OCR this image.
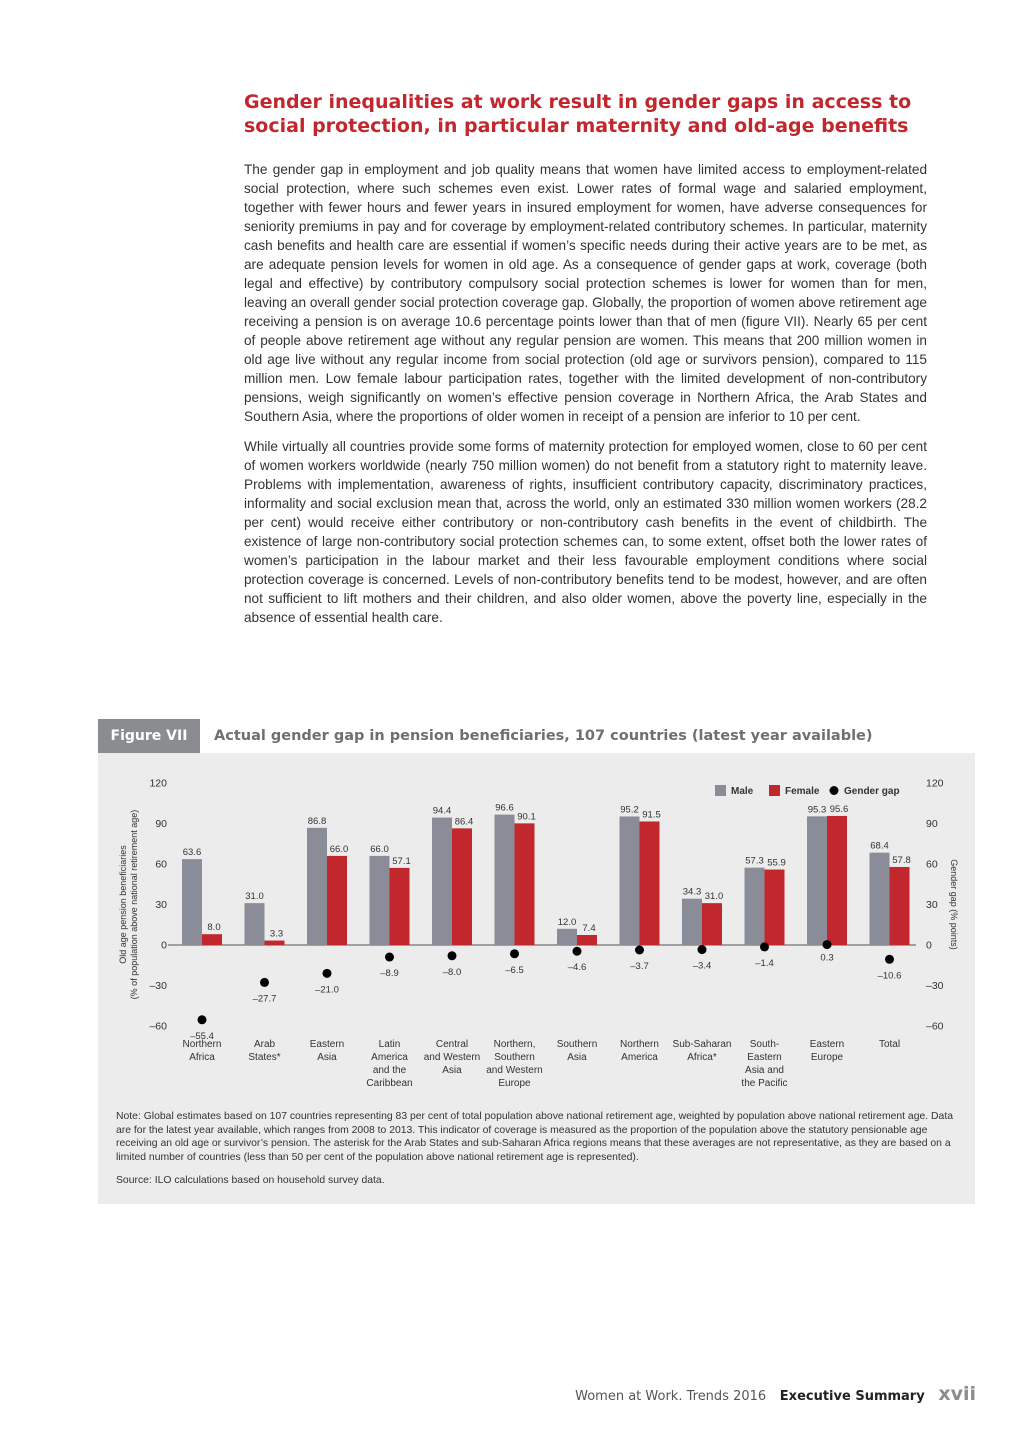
Gender inequalities at work result in gender gaps in access to social protection, in particular maternity and old-age benefits

The gender gap in employment and job quality means that women have limited access to employment-related social protection, where such schemes even exist. Lower rates of formal wage and salaried employment, together with fewer hours and fewer years in insured employment for women, have adverse consequences for seniority premiums in pay and for coverage by employment-related contributory schemes. In particular, maternity cash benefits and health care are essential if women’s specific needs during their active years are to be met, as are adequate pension levels for women in old age. As a consequence of gender gaps at work, coverage (both legal and effective) by contributory compulsory social protection schemes is lower for women than for men, leaving an overall gender social protection coverage gap. Globally, the proportion of women above retirement age receiving a pension is on average 10.6 percentage points lower than that of men (figure VII). Nearly 65 per cent of people above retirement age without any regular pension are women. This means that 200 million women in old age live without any regular income from social protection (old age or survivors pension), compared to 115 million men. Low female labour participation rates, together with the limited development of non-contributory pensions, weigh significantly on women’s effective pension coverage in Northern Africa, the Arab States and Southern Asia, where the proportions of older women in receipt of a pension are inferior to 10 per cent.

While virtually all countries provide some forms of maternity protection for employed women, close to 60 per cent of women workers worldwide (nearly 750 million women) do not benefit from a statutory right to maternity leave. Problems with implementation, awareness of rights, insufficient contributory capacity, discriminatory practices, informality and social exclusion mean that, across the world, only an estimated 330 million women workers (28.2 per cent) would receive either contributory or non-contributory cash benefits in the event of childbirth. The existence of large non-contributory social protection schemes can, to some extent, offset both the lower rates of women’s participation in the labour market and their less favourable employment conditions where social protection coverage is concerned. Levels of non-contributory benefits tend to be modest, however, and are often not sufficient to lift mothers and their children, and also older women, above the poverty line, especially in the absence of essential health care.

Figure VII	Actual gender gap in pension beneficiaries, 107 countries (latest year available)
120	120
90	90
60	60
30	30
0	0
–30	–30
–60	–60
Old age pension beneficiaries (% of population above national retirement age)	Gender gap (% points)
63.6
8.0
–55.4
Northern
Africa
31.0
3.3
–27.7
Arab
States*
86.8
66.0
–21.0
Eastern
Asia
66.0
57.1
–8.9
Latin
America
and the
Caribbean
94.4
86.4
–8.0
Central
and Western
Asia
96.6
90.1
–6.5
Northern,
Southern
and Western
Europe
12.0
7.4
–4.6
Southern
Asia
95.2 91.5
–3.7
Northern
America
34.3 31.0
–3.4
Sub-Saharan
Africa*
57.3 55.9
–1.4
South-
Eastern
Asia and
the Pacific
95.3 95.6
0.3
Eastern
Europe
68.4
57.8
–10.6
Total
Male	Female Gender gap

Note: Global estimates based on 107 countries representing 83 per cent of total population above national retirement age, weighted by population above national retirement age. Data are for the latest year available, which ranges from 2008 to 2013. This indicator of coverage is measured as the proportion of the population above the statutory pensionable age receiving an old age or survivor’s pension. The asterisk for the Arab States and sub-Saharan Africa regions means that these averages are not representative, as they are based on a limited number of countries (less than 50 per cent of the population above national retirement age is represented).

Source: ILO calculations based on household survey data.

Women at Work. Trends 2016 Executive Summary xvii
